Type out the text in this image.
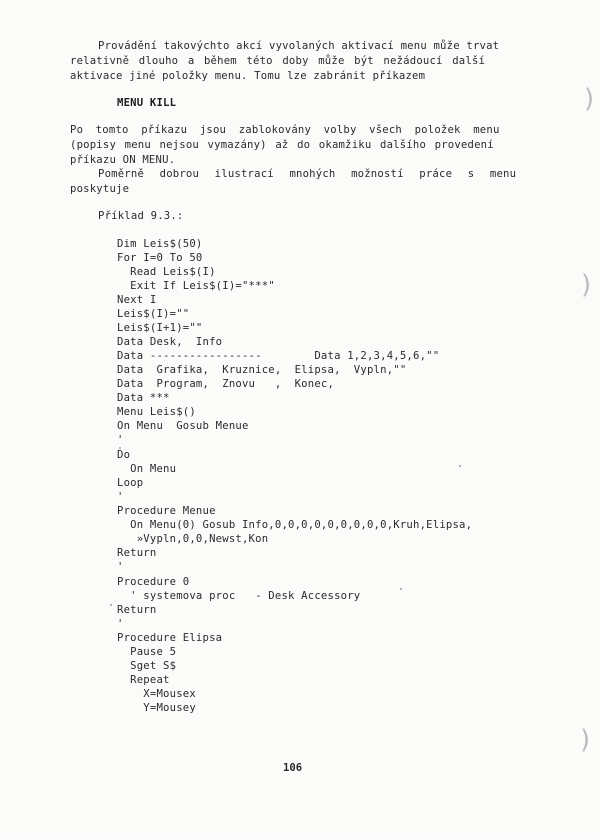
Provádění takovýchto akcí vyvolaných aktivací menu může trvat
relativně dlouho a během této doby může být nežádoucí další
aktivace jiné položky menu. Tomu lze zabránit příkazem
MENU KILL
Po tomto příkazu jsou zablokovány volby všech položek menu
(popisy menu nejsou vymazány) až do okamžiku dalšího provedení
příkazu ON MENU.
Poměrně dobrou ilustrací mnohých možností práce s menu
poskytuje
Příklad 9.3.:
Dim Leis$(50)
For I=0 To 50
Read Leis$(I)
Exit If Leis$(I)="***"
Next I
Leis$(I)=""
Leis$(I+1)=""
Data Desk,  Info
Data -----------------        Data 1,2,3,4,5,6,""
Data  Grafika,  Kruznice,  Elipsa,  Vypln,""
Data  Program,  Znovu   ,  Konec,
Data ***
Menu Leis$()
On Menu  Gosub Menue
'
Do
On Menu
Loop
'
Procedure Menue
On Menu(0) Gosub Info,0,0,0,0,0,0,0,0,0,Kruh,Elipsa,
»Vypln,0,0,Newst,Kon
Return
'
Procedure 0
' systemova proc   - Desk Accessory
Return
'
Procedure Elipsa
Pause 5
Sget S$
Repeat
X=Mousex
Y=Mousey
106
)
)
)
